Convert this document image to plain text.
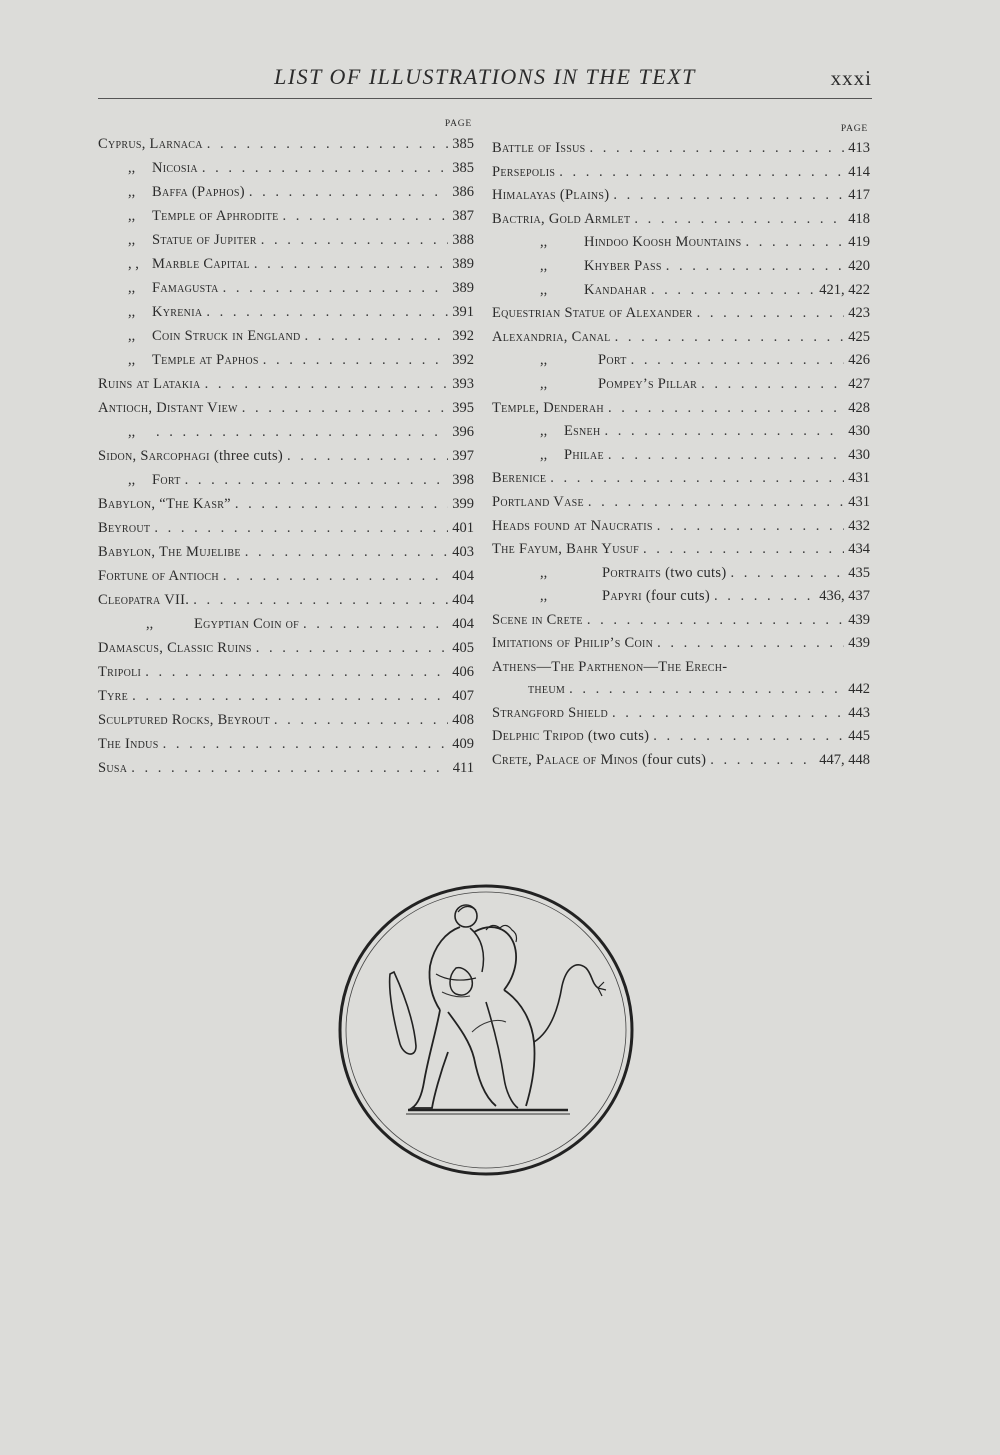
LIST OF ILLUSTRATIONS IN THE TEXT	xxxi
PAGE
Cyprus, Larnaca . . .	385
,,	Nicosia . . .	385
,,	Baffa (Paphos) . . .	386
,,	Temple of Aphrodite . . .	387
,,	Statue of Jupiter . . .	388
, , Marble Capital . . .	389
,,	Famagusta . . .	389
,,	Kyrenia . . .	391
,,	Coin Struck in England . . .	392
,,	Temple at Paphos . . .	392
Ruins at Latakia . . .	393
Antioch, Distant View . . .	395
,, . . .	396
Sidon, Sarcophagi (three cuts) . . .	397
,,	Fort . . .	398
Babylon, “The Kasr” . . .	399
Beyrout . . .	401
Babylon, The Mujelibe . . .	403
Fortune of Antioch . . .	404
Cleopatra VII. . . .	404
,,	Egyptian Coin of . . .	404
Damascus, Classic Ruins . . .	405
Tripoli . . .	406
Tyre . . .	407
Sculptured Rocks, Beyrout . . .	408
The Indus . . .	409
Susa . . .	411
PAGE
Battle of Issus . . .	413
Persepolis . . .	414
Himalayas (Plains) . . .	417
Bactria, Gold Armlet . . .	418
,,	Hindoo Koosh Mountains . . .	419
,,	Khyber Pass . . .	420
,,	Kandahar . . .	421, 422
Equestrian Statue of Alexander . . .	423
Alexandria, Canal . . .	425
,,	Port . . .	426
,,	Pompey’s Pillar . . .	427
Temple, Denderah . . .	428
,,	Esneh . . .	430
,,	Philae . . .	430
Berenice . . .	431
Portland Vase . . .	431
Heads found at Naucratis . . .	432
The Fayum, Bahr Yusuf . . .	434
,,	Portraits (two cuts) . . .	435
,,	Papyri (four cuts) . . .	436, 437
Scene in Crete . . .	439
Imitations of Philip’s Coin . . .	439
Athens—The Parthenon—The Erech-
theum . . .	442
Strangford Shield . . .	443
Delphic Tripod (two cuts) . . .	445
Crete, Palace of Minos (four cuts) . . .	447, 448
